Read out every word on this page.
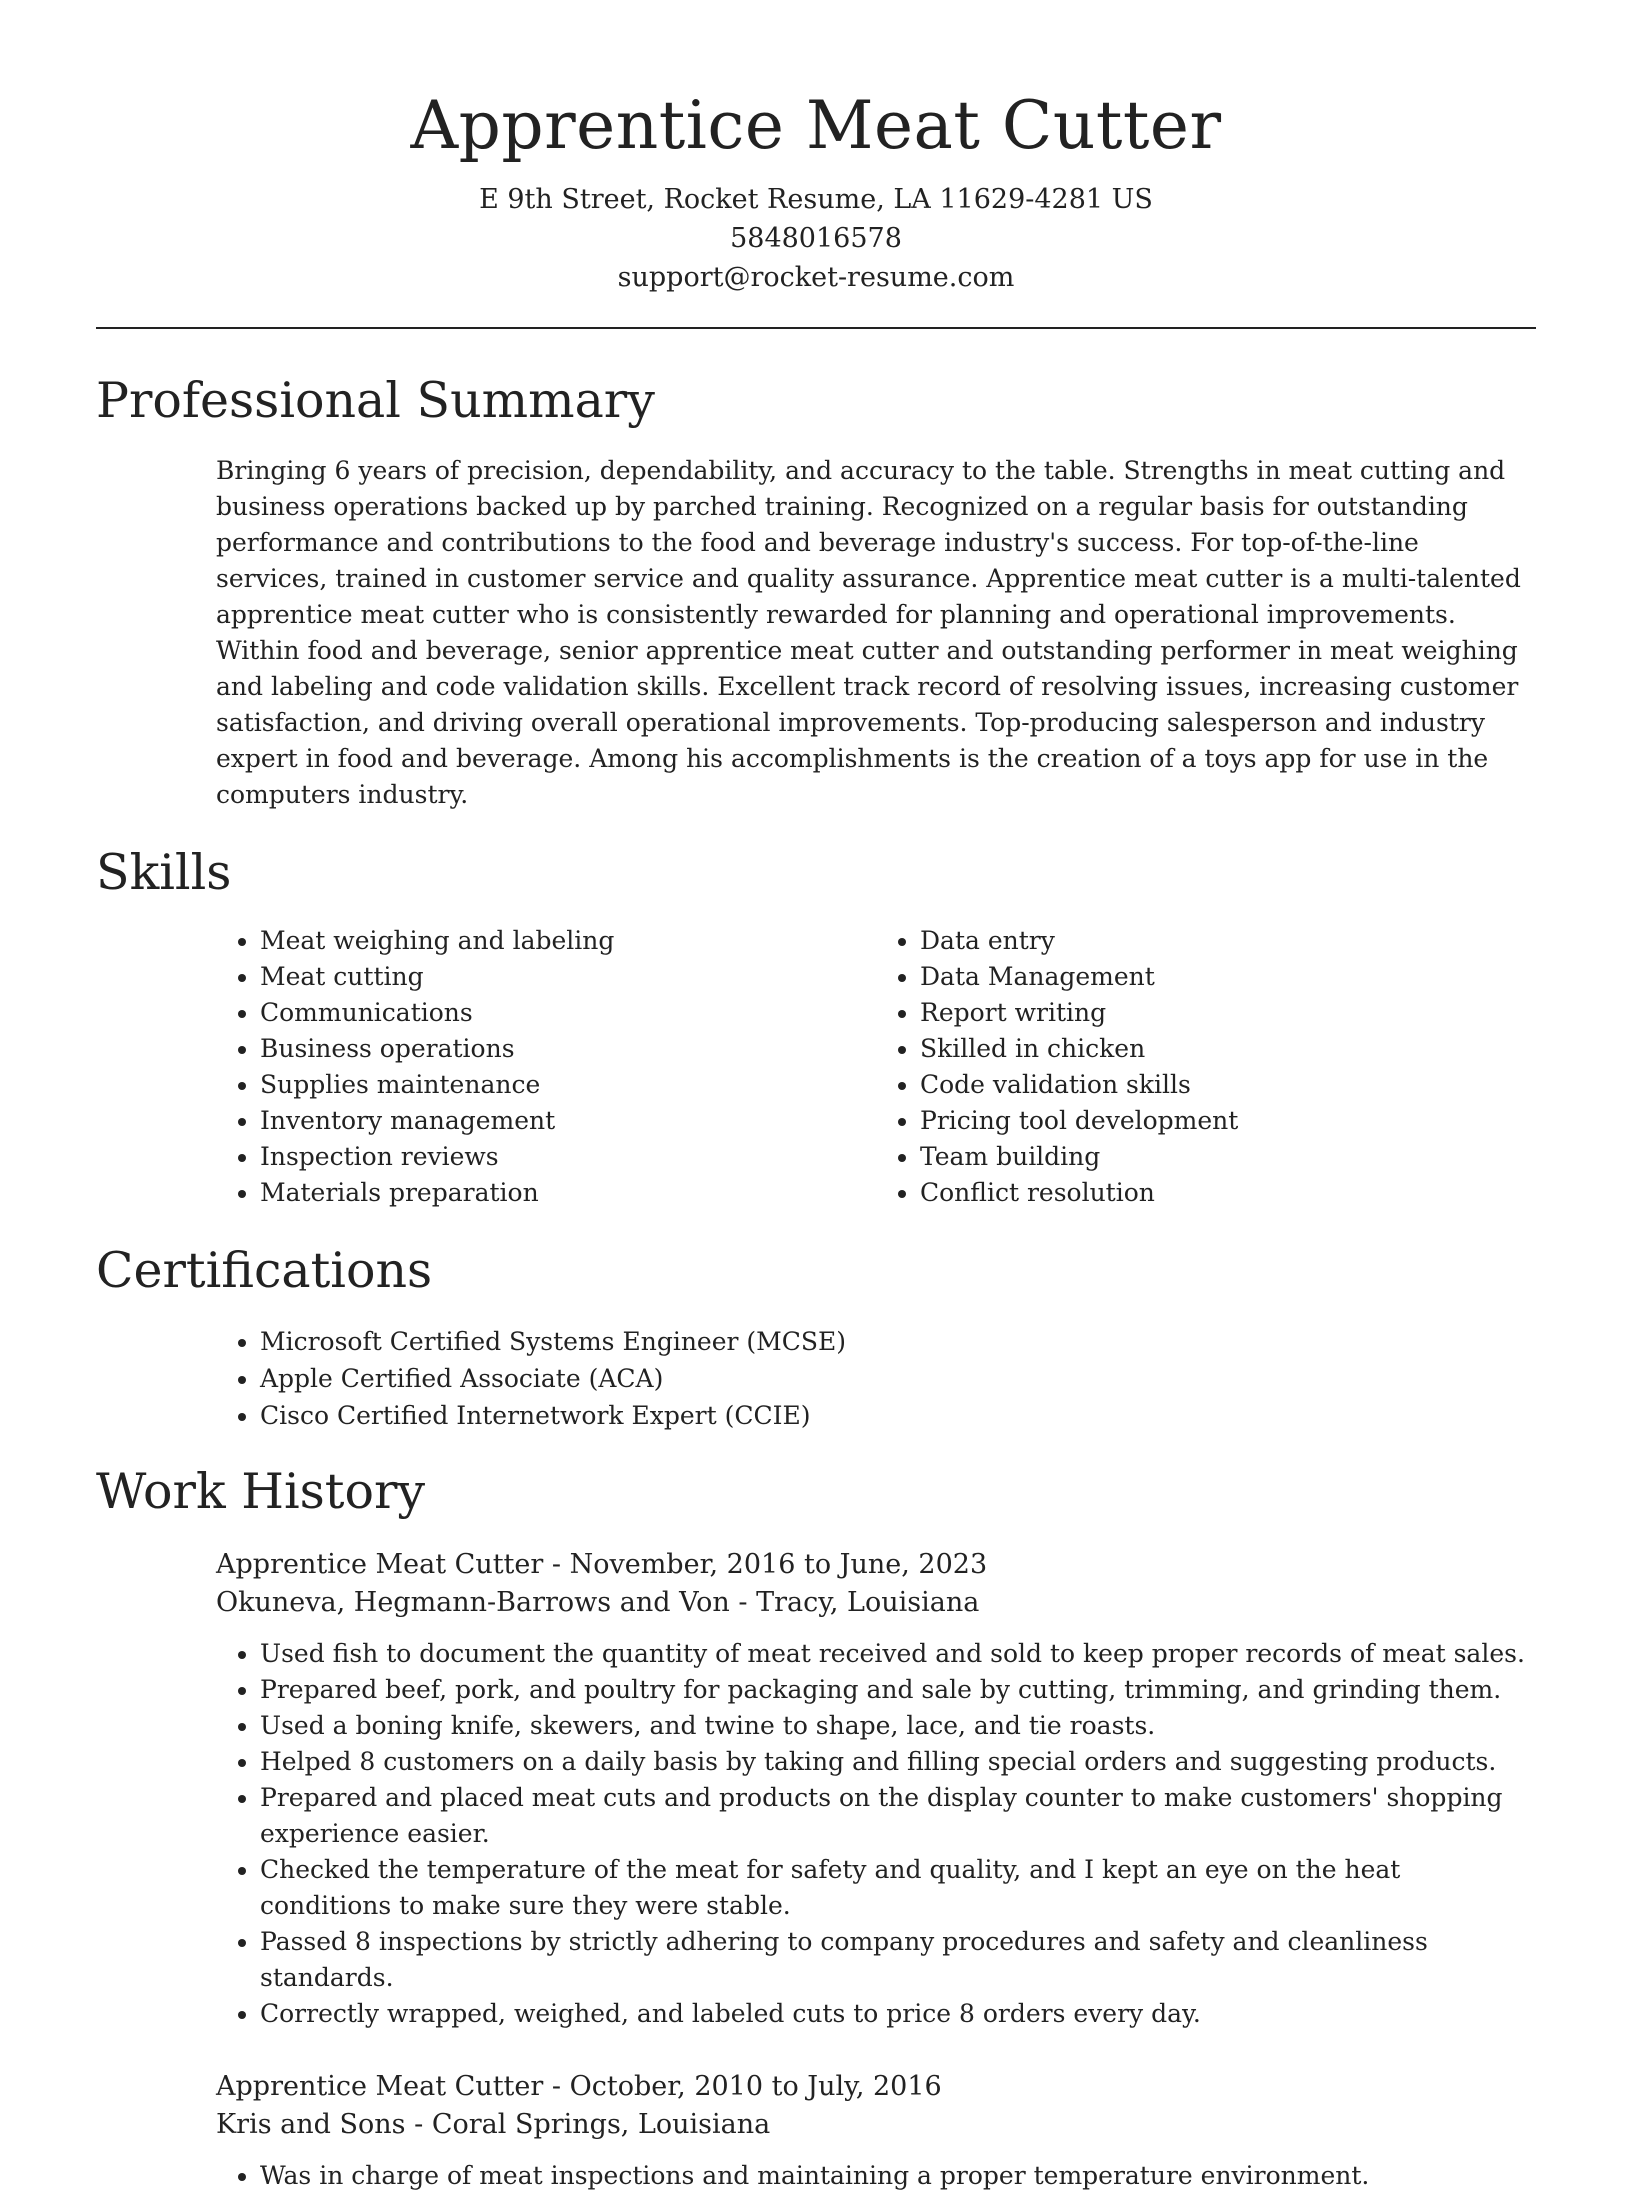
Apprentice Meat Cutter
E 9th Street, Rocket Resume, LA 11629-4281 US
5848016578
support@rocket-resume.com
Professional Summary

Bringing 6 years of precision, dependability, and accuracy to the table. Strengths in meat cutting and business operations backed up by parched training. Recognized on a regular basis for outstanding performance and contributions to the food and beverage industry's success. For top-of-the-line services, trained in customer service and quality assurance. Apprentice meat cutter is a multi-talented apprentice meat cutter who is consistently rewarded for planning and operational improvements. Within food and beverage, senior apprentice meat cutter and outstanding performer in meat weighing and labeling and code validation skills. Excellent track record of resolving issues, increasing customer satisfaction, and driving overall operational improvements. Top-producing salesperson and industry expert in food and beverage. Among his accomplishments is the creation of a toys app for use in the computers industry.

Skills
• Meat weighing and labeling
• Meat cutting
• Communications
• Business operations
• Supplies maintenance
• Inventory management
• Inspection reviews
• Materials preparation
• Data entry
• Data Management
• Report writing
• Skilled in chicken
• Code validation skills
• Pricing tool development
• Team building
• Conflict resolution
Certifications
• Microsoft Certified Systems Engineer (MCSE)
• Apple Certified Associate (ACA)
• Cisco Certified Internetwork Expert (CCIE)
Work History
Apprentice Meat Cutter - November, 2016 to June, 2023
Okuneva, Hegmann-Barrows and Von - Tracy, Louisiana
• Used fish to document the quantity of meat received and sold to keep proper records of meat sales.
• Prepared beef, pork, and poultry for packaging and sale by cutting, trimming, and grinding them.
• Used a boning knife, skewers, and twine to shape, lace, and tie roasts.
• Helped 8 customers on a daily basis by taking and filling special orders and suggesting products.
• Prepared and placed meat cuts and products on the display counter to make customers' shopping experience easier.
• Checked the temperature of the meat for safety and quality, and I kept an eye on the heat conditions to make sure they were stable.
• Passed 8 inspections by strictly adhering to company procedures and safety and cleanliness standards.
• Correctly wrapped, weighed, and labeled cuts to price 8 orders every day.
Apprentice Meat Cutter - October, 2010 to July, 2016
Kris and Sons - Coral Springs, Louisiana
• Was in charge of meat inspections and maintaining a proper temperature environment.
